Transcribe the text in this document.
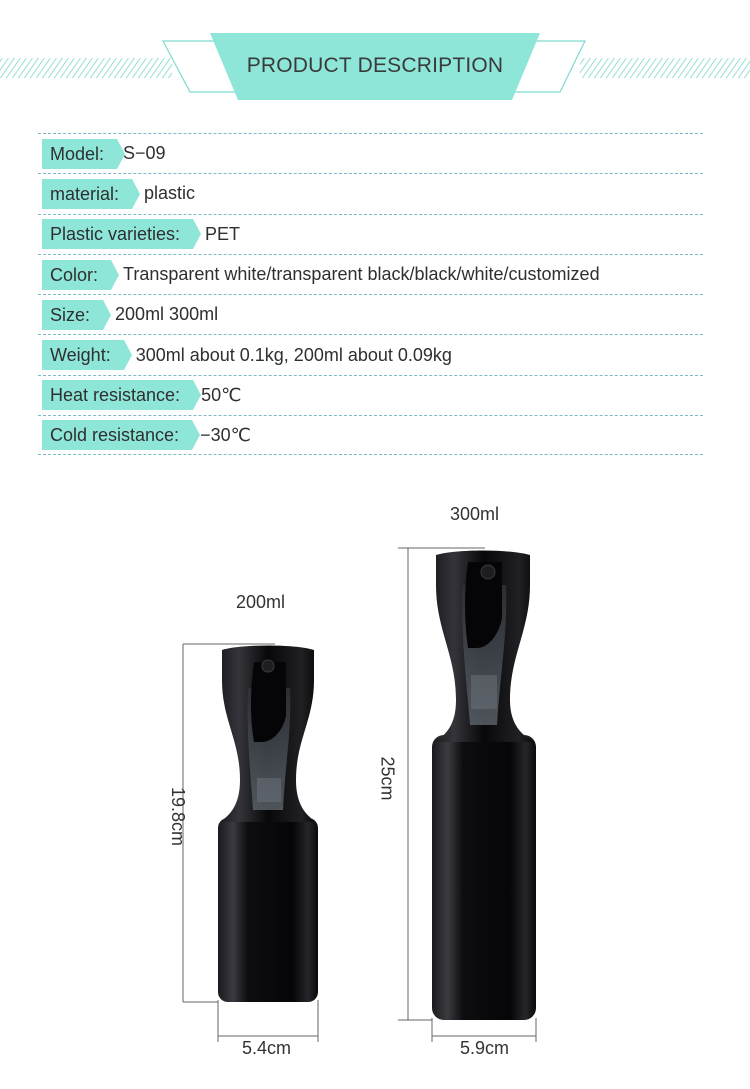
PRODUCT DESCRIPTION
Model:	S−09
material:	plastic
Plastic varieties:	PET
Color:	Transparent white/transparent black/black/white/customized
Size:	200ml 300ml
Weight:	300ml about 0.1kg, 200ml about 0.09kg
Heat resistance:	50℃
Cold resistance:	−30℃
200ml
19.8cm
5.4cm
300ml
25cm
5.9cm
